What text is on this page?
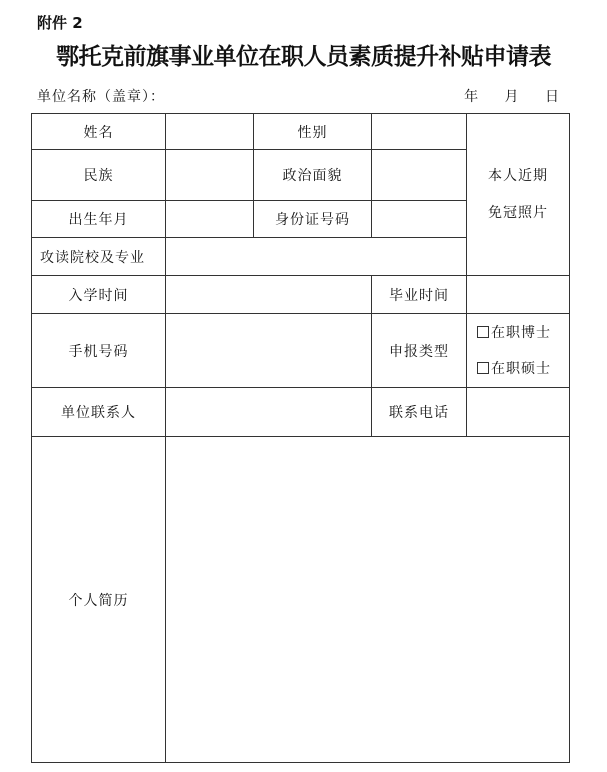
附件 2
鄂托克前旗事业单位在职人员素质提升补贴申请表
单位名称（盖章）：	年 月 日
姓名		性别		本人近期
免冠照片

民族		政治面貌		
出生年月		身份证号码		
攻读院校及专业				
入学时间			毕业时间	
手机号码			申报类型	在职博士
在职硕士

单位联系人			联系电话	
个人简历				
